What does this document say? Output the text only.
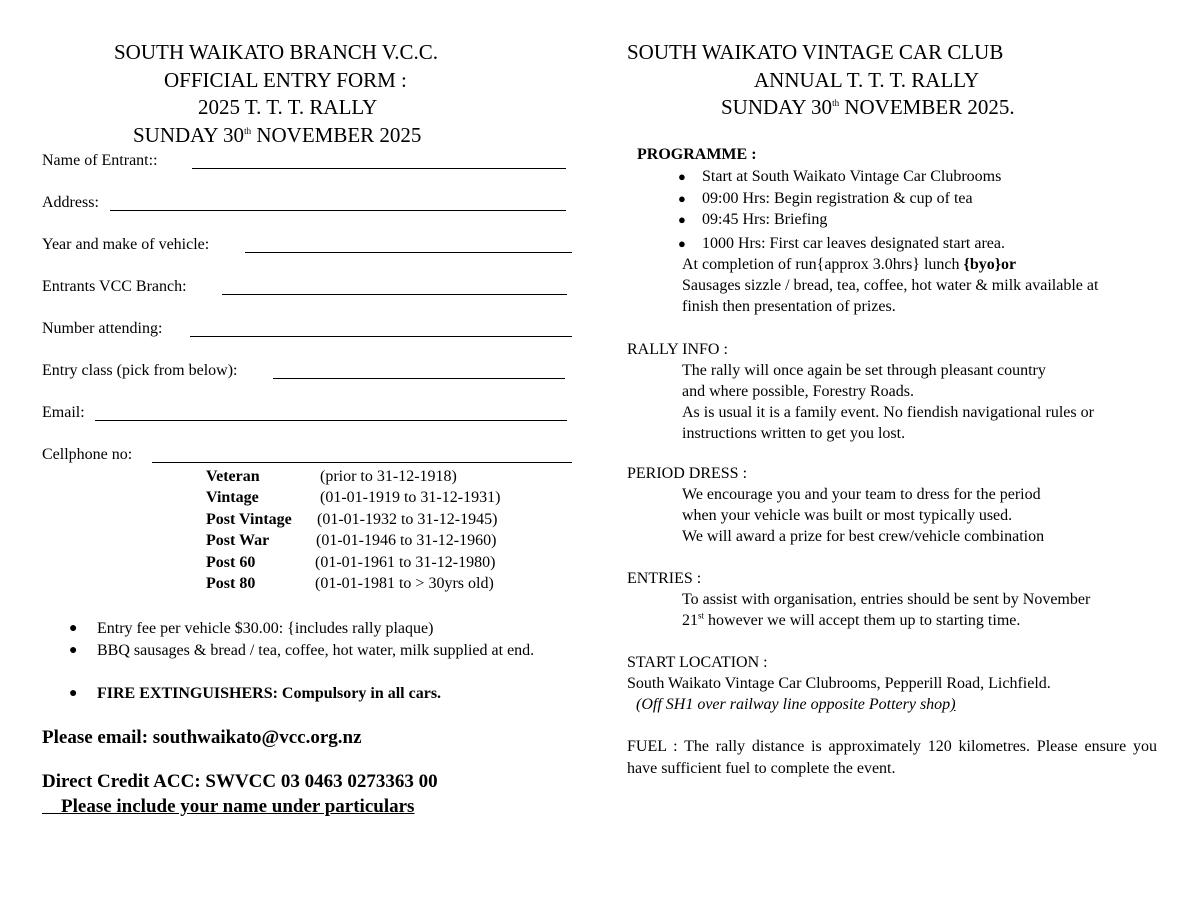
SOUTH WAIKATO BRANCH V.C.C.
OFFICIAL ENTRY FORM :
2025 T. T. T. RALLY
SUNDAY 30th NOVEMBER 2025
Name of Entrant::
Address:
Year and make of vehicle:
Entrants VCC Branch:
Number attending:
Entry class (pick from below):
Email:
Cellphone no:
Veteran	(prior to 31-12-1918)
Vintage	(01-01-1919 to 31-12-1931)
Post Vintage (01-01-1932 to 31-12-1945)
Post War	(01-01-1946 to 31-12-1960)
Post 60	(01-01-1961 to 31-12-1980)
Post 80	(01-01-1981 to > 30yrs old)
● Entry fee per vehicle $30.00: {includes rally plaque)
● BBQ sausages & bread / tea, coffee, hot water, milk supplied at end.
● FIRE EXTINGUISHERS: Compulsory in all cars.
Please email: southwaikato@vcc.org.nz
Direct Credit ACC: SWVCC 03 0463 0273363 00
Please include your name under particulars
SOUTH WAIKATO VINTAGE CAR CLUB
ANNUAL T. T. T. RALLY
SUNDAY 30th NOVEMBER 2025.
PROGRAMME :
● Start at South Waikato Vintage Car Clubrooms
● 09:00 Hrs: Begin registration & cup of tea
● 09:45 Hrs: Briefing
● 1000 Hrs: First car leaves designated start area.
At completion of run{approx 3.0hrs} lunch {byo}or
Sausages sizzle / bread, tea, coffee, hot water & milk available at
finish then presentation of prizes.
RALLY INFO :
The rally will once again be set through pleasant country
and where possible, Forestry Roads.
As is usual it is a family event. No fiendish navigational rules or
instructions written to get you lost.
PERIOD DRESS :
We encourage you and your team to dress for the period
when your vehicle was built or most typically used.
We will award a prize for best crew/vehicle combination
ENTRIES :
To assist with organisation, entries should be sent by November
21st however we will accept them up to starting time.
START LOCATION :
South Waikato Vintage Car Clubrooms, Pepperill Road, Lichfield.
(Off SH1 over railway line opposite Pottery shop)
FUEL : The rally distance is approximately 120 kilometres. Please ensure you have sufficient fuel to complete the event.
